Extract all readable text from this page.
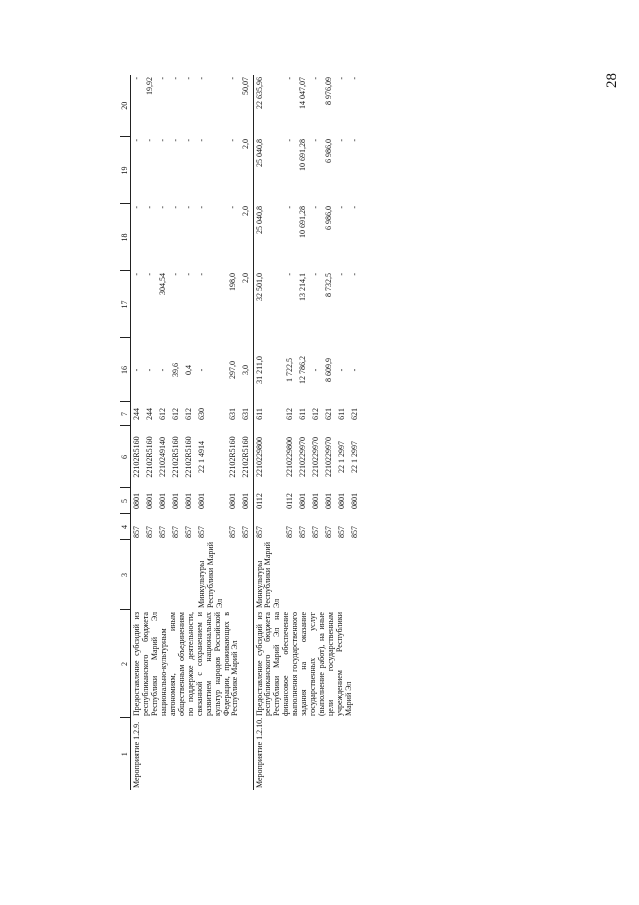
28
1	2	3	4	5	6	7	16	17	18	19	20
Мероприятие 1.2.9.	Предоставление субсидий из республиканского бюджета Республики Марий Эл национально-культурным автономиям, иным общественным объединениям по поддержке деятельности, связанной с сохранением и развитием национальных культур народов Российской Федерации, проживающих в Республике Марий Эл		857	0801	22102R5160	244	-	-	-	-	-
			857	0801	22102R5160	244	-	-	-	-	19,92
			857	0801	2210249140	612	-	304,54	-	-	-
			857	0801	22102R5160	612	39,6	-	-	-	-
			857	0801	22102R5160	612	0,4	-	-	-	-
		Минкультуры Республики Марий Эл	857	0801	22 1 4914	630	-	-	-	-	-
			857	0801	22102R5160	631	297,0	198,0	-	-	-
			857	0801	22102R5160	631	3,0	2,0	2,0	2,0	50,07
Мероприятие 1.2.10.	Предоставление субсидий из республиканского бюджета Республики Марий Эл на финансовое обеспечение выполнения государственного задания на оказание государственных услуг (выполнение работ), на иные цели государственным учреждением Республики Марий Эл	Минкультуры Республики Марий Эл	857	0112	2210229800	611	31 211,0	32 501,0	25 040,8	25 040,8	22 635,96
			857	0112	2210229800	612	1 722,5	-	-	-	-
			857	0801	2210229970	611	12 786,2	13 214,1	10 691,28	10 691,28	14 047,07
			857	0801	2210229970	612	-	-	-	-	-
			857	0801	2210229970	621	8 609,9	8 732,5	6 986,0	6 986,0	8 976,09
			857	0801	22 1 2997	611	-	-	-	-	-
			857	0801	22 1 2997	621	-	-	-	-	-
